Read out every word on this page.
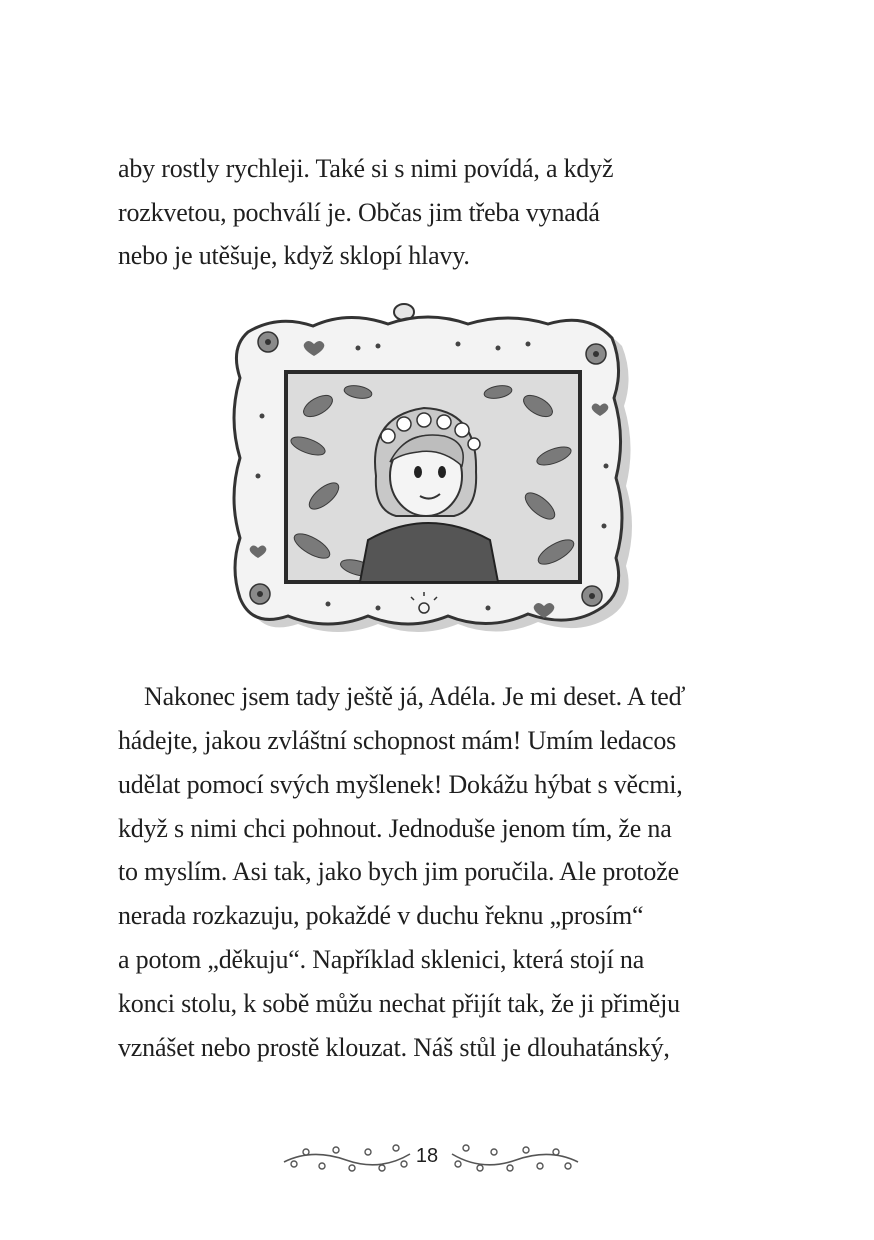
aby rostly rychleji. Také si s nimi povídá, a když

rozkvetou, pochválí je. Občas jim třeba vynadá

nebo je utěšuje, když sklopí hlavy.

Nakonec jsem tady ještě já, Adéla. Je mi deset. A teď

hádejte, jakou zvláštní schopnost mám! Umím ledacos

udělat pomocí svých myšlenek! Dokážu hýbat s věcmi,

když s nimi chci pohnout. Jednoduše jenom tím, že na

to myslím. Asi tak, jako bych jim poručila. Ale protože

nerada rozkazuju, pokaždé v duchu řeknu „prosím“

a potom „děkuju“. Například sklenici, která stojí na

konci stolu, k sobě můžu nechat přijít tak, že ji přiměju

vznášet nebo prostě klouzat. Náš stůl je dlouhatánský,

18
